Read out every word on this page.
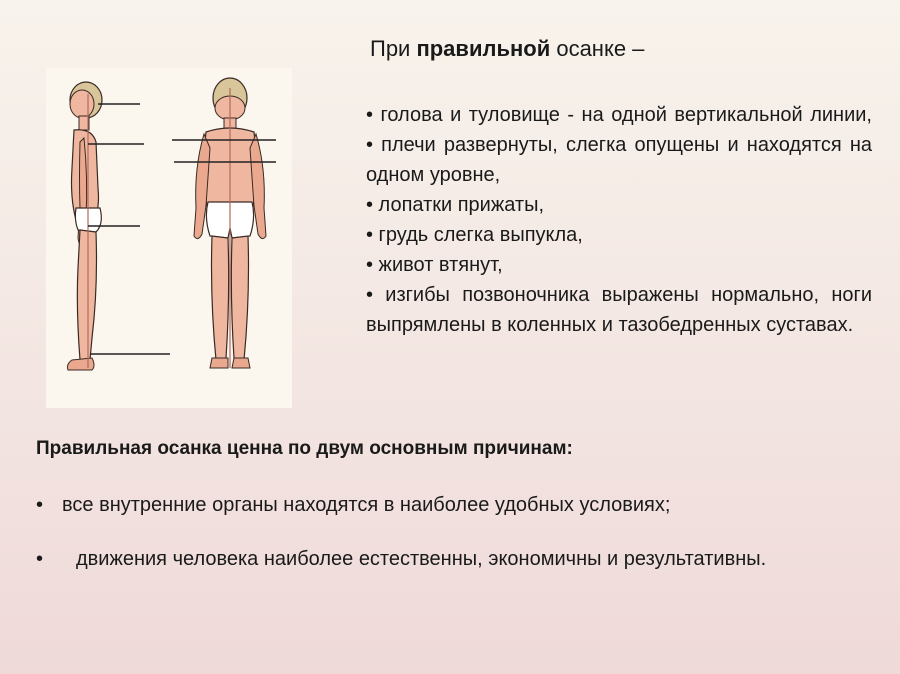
При правильной осанке –
• голова и туловище - на одной вертикальной линии,
• плечи развернуты, слегка опущены и находятся на одном уровне,
• лопатки прижаты,
• грудь слегка выпукла,
• живот втянут,
• изгибы позвоночника выражены нормально, ноги выпрямлены в коленных и тазобедренных суставах.
Правильная осанка ценна по двум основным причинам:
• все внутренние органы находятся в наиболее удобных условиях;
•	движения человека наиболее естественны, экономичны и результативны.
